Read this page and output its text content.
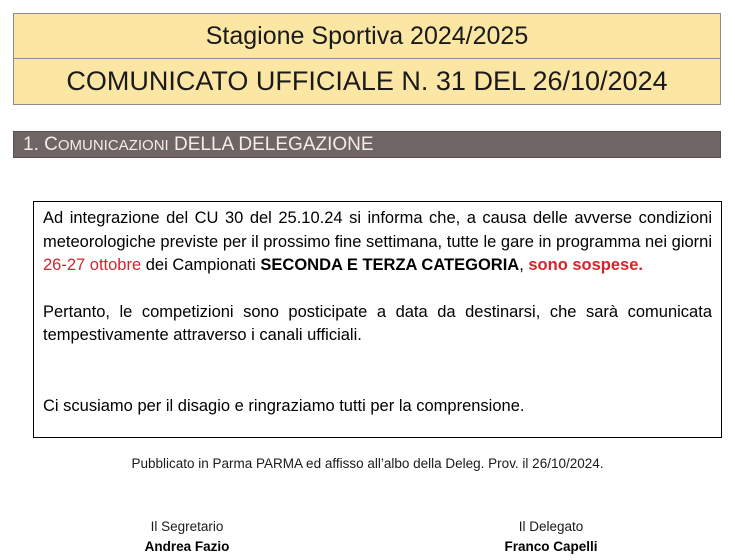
Stagione Sportiva 2024/2025
COMUNICATO UFFICIALE N. 31 DEL 26/10/2024
1. COMUNICAZIONI DELLA DELEGAZIONE

Ad integrazione del CU 30 del 25.10.24 si informa che, a causa delle avverse condizioni meteorologiche previste per il prossimo fine settimana, tutte le gare in programma nei giorni 26-27 ottobre dei Campionati SECONDA E TERZA CATEGORIA, sono sospese.

Pertanto, le competizioni sono posticipate a data da destinarsi, che sarà comunicata tempestivamente attraverso i canali ufficiali.

Ci scusiamo per il disagio e ringraziamo tutti per la comprensione.

Pubblicato in Parma PARMA ed affisso all’albo della Deleg. Prov. il 26/10/2024.
Il Segretario
Andrea Fazio
Il Delegato
Franco Capelli
